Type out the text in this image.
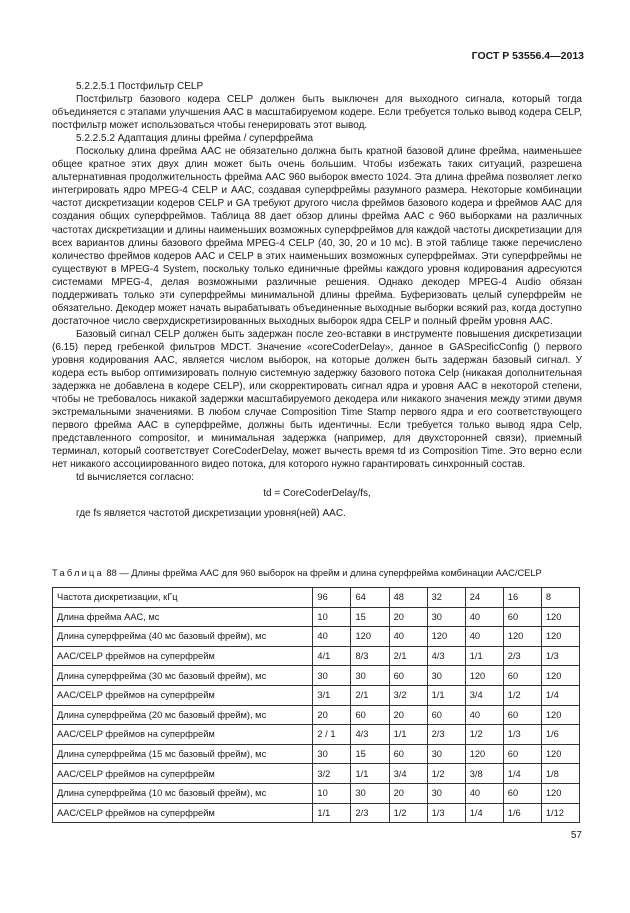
ГОСТ Р 53556.4—2013

5.2.2.5.1 Постфильтр CELP

Постфильтр базового кодера CELP должен быть выключен для выходного сигнала, который тогда объединяется с этапами улучшения AAC в масштабируемом кодере. Если требуется только вывод кодера CELP, постфильтр может использоваться чтобы генерировать этот вывод.

5.2.2.5.2 Адаптация длины фрейма / суперфрейма

Поскольку длина фрейма AAC не обязательно должна быть кратной базовой длине фрейма, наименьшее общее кратное этих двух длин может быть очень большим. Чтобы избежать таких ситуаций, разрешена альтернативная продолжительность фрейма AAC 960 выборок вместо 1024. Эта длина фрейма позволяет легко интегрировать ядро MPEG-4 CELP и AAC, создавая суперфреймы разумного размера. Некоторые комбинации частот дискретизации кодеров CELP и GA требуют другого числа фреймов базового кодера и фреймов AAC для создания общих суперфреймов. Таблица 88 дает обзор длины фрейма AAC с 960 выборками на различных частотах дискретизации и длины наименьших возможных суперфреймов для каждой частоты дискретизации для всех вариантов длины базового фрейма MPEG-4 CELP (40, 30, 20 и 10 мс). В этой таблице также перечислено количество фреймов кодеров AAC и CELP в этих наименьших возможных суперфреймах. Эти суперфреймы не существуют в MPEG-4 System, поскольку только единичные фреймы каждого уровня кодирования адресуются системами MPEG-4, делая возможными различные решения. Однако декодер MPEG-4 Audio обязан поддерживать только эти суперфреймы минимальной длины фрейма. Буферизовать целый суперфрейм не обязательно. Декодер может начать вырабатывать объединенные выходные выборки всякий раз, когда доступно достаточное число сверхдискретизированных выходных выборок ядра CELP и полный фрейм уровня AAC.

Базовый сигнал CELP должен быть задержан после zeo-вставки в инструменте повышения дискретизации (6.15) перед гребенкой фильтров MDCT. Значение «coreCoderDelay», данное в GASpecificConfig () первого уровня кодирования AAC, является числом выборок, на которые должен быть задержан базовый сигнал. У кодера есть выбор оптимизировать полную системную задержку базового потока Celp (никакая дополнительная задержка не добавлена в кодере CELP), или скорректировать сигнал ядра и уровня AAC в некоторой степени, чтобы не требовалось никакой задержки масштабируемого декодера или никакого значения между этими двумя экстремальными значениями. В любом случае Composition Time Stamp первого ядра и его соответствующего первого фрейма AAC в суперфрейме, должны быть идентичны. Если требуется только вывод ядра Celp, представленного compositor, и минимальная задержка (например, для двухсторонней связи), приемный терминал, который соответствует CoreCoderDelay, может вычесть время td из Composition Time. Это верно если нет никакого ассоциированного видео потока, для которого нужно гарантировать синхронный состав.

td вычисляется согласно:

td = CoreCoderDelay/fs,

где fs является частотой дискретизации уровня(ней) AAC.

Таблица 88 — Длины фрейма AAC для 960 выборок на фрейм и длина суперфрейма комбинации AAC/CELP
Частота дискретизации, кГц	96	64	48	32	24	16	8
Длина фрейма AAC, мс	10	15	20	30	40	60	120
Длина суперфрейма (40 мс базовый фрейм), мс	40	120	40	120	40	120	120
AAC/CELP фреймов на суперфрейм	4/1	8/3	2/1	4/3	1/1	2/3	1/3
Длина суперфрейма (30 мс базовый фрейм), мс	30	30	60	30	120	60	120
AAC/CELP фреймов на суперфрейм	3/1	2/1	3/2	1/1	3/4	1/2	1/4
Длина суперфрейма (20 мс базовый фрейм), мс	20	60	20	60	40	60	120
AAC/CELP фреймов на суперфрейм	2 / 1	4/3	1/1	2/3	1/2	1/3	1/6
Длина суперфрейма (15 мс базовый фрейм), мс	30	15	60	30	120	60	120
AAC/CELP фреймов на суперфрейм	3/2	1/1	3/4	1/2	3/8	1/4	1/8
Длина суперфрейма (10 мс базовый фрейм), мс	10	30	20	30	40	60	120
AAC/CELP фреймов на суперфрейм	1/1	2/3	1/2	1/3	1/4	1/6	1/12
57
